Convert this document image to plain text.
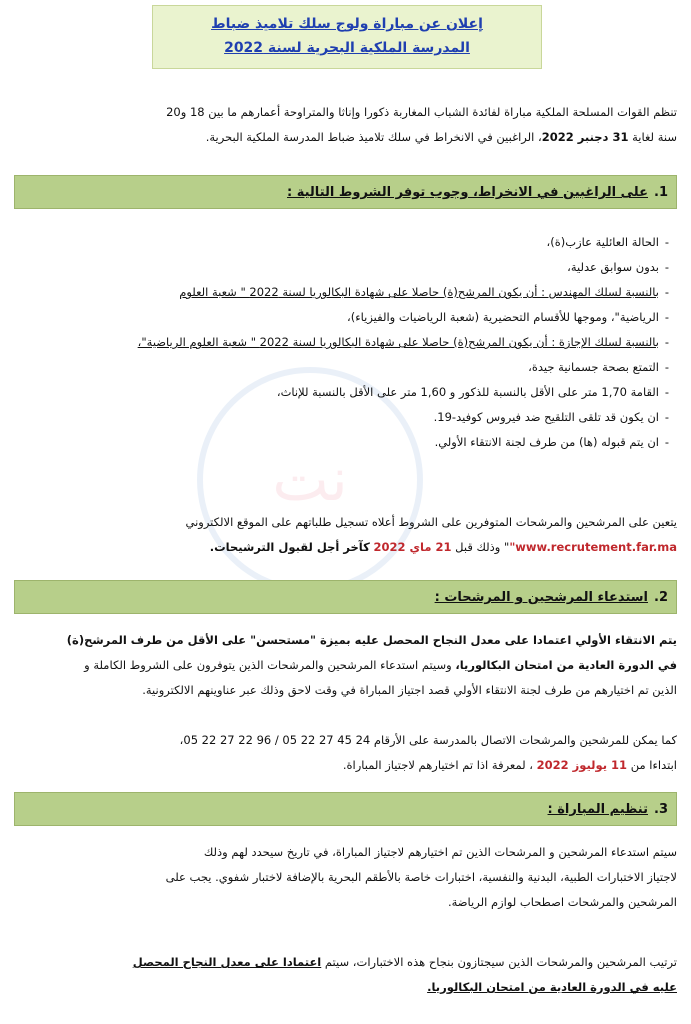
نت
إعلان عن مباراة ولوج سلك تلاميذ ضباط
المدرسة الملكية البحرية لسنة 2022
تنظم القوات المسلحة الملكية مباراة لفائدة الشباب المغاربة ذكورا وإناثا والمتراوحة أعمارهم ما بين 18 و20
سنة لغاية 31 دجنبر 2022، الراغبين في الانخراط في سلك تلاميذ ضباط المدرسة الملكية البحرية.
1.على الراغبين في الانخراط، وجوب توفر الشروط التالية :
- الحالة العائلية عازب(ة)،
- بدون سوابق عدلية،
- بالنسبة لسلك المهندس : أن يكون المرشح(ة) حاصلا على شهادة البكالوريا لسنة 2022 " شعبة العلوم
- الرياضية"، وموجها للأقسام التحضيرية (شعبة الرياضيات والفيزياء)،
- بالنسبة لسلك الإجازة : أن يكون المرشح(ة) حاصلا على شهادة البكالوريا لسنة 2022 " شعبة العلوم الرياضية"،
- التمتع بصحة جسمانية جيدة،
- القامة 1,70 متر على الأقل بالنسبة للذكور و 1,60 متر على الأقل بالنسبة للإناث،
- ان يكون قد تلقى التلقيح ضد فيروس كوفيد-19.
- ان يتم قبوله (ها) من طرف لجنة الانتقاء الأولي.
يتعين على المرشحين والمرشحات المتوفرين على الشروط أعلاه تسجيل طلباتهم على الموقع الالكتروني
"www.recrutement.far.ma" وذلك قبل 21 ماي 2022 كآخر أجل لقبول الترشيحات.
2.استدعاء المرشحين و المرشحات :
يتم الانتقاء الأولي اعتمادا على معدل النجاح المحصل عليه بميزة "مستحسن" على الأقل من طرف المرشح(ة)
في الدورة العادية من امتحان البكالوريا، وسيتم استدعاء المرشحين والمرشحات الذين يتوفرون على الشروط الكاملة و
الذين تم اختيارهم من طرف لجنة الانتقاء الأولي قصد اجتياز المباراة في وقت لاحق وذلك عبر عناوينهم الالكترونية.
كما يمكن للمرشحين والمرشحات الاتصال بالمدرسة على الأرقام 24 45 27 22 05 / 96 22 27 22 05،
ابتداءا من 11 يوليوز 2022 ، لمعرفة اذا تم اختيارهم لاجتياز المباراة.
3.تنظيم المباراة :
سيتم استدعاء المرشحين و المرشحات الذين تم اختيارهم لاجتياز المباراة، في تاريخ سيحدد لهم وذلك
لاجتياز الاختبارات الطبية، البدنية والنفسية، اختبارات خاصة بالأطقم البحرية بالإضافة لاختبار شفوي. يجب على
المرشحين والمرشحات اصطحاب لوازم الرياضة.
ترتيب المرشحين والمرشحات الذين سيجتازون بنجاح هذه الاختبارات، سيتم اعتمادا على معدل النجاح المحصل
عليه في الدورة العادية من امتحان البكالوريا.
